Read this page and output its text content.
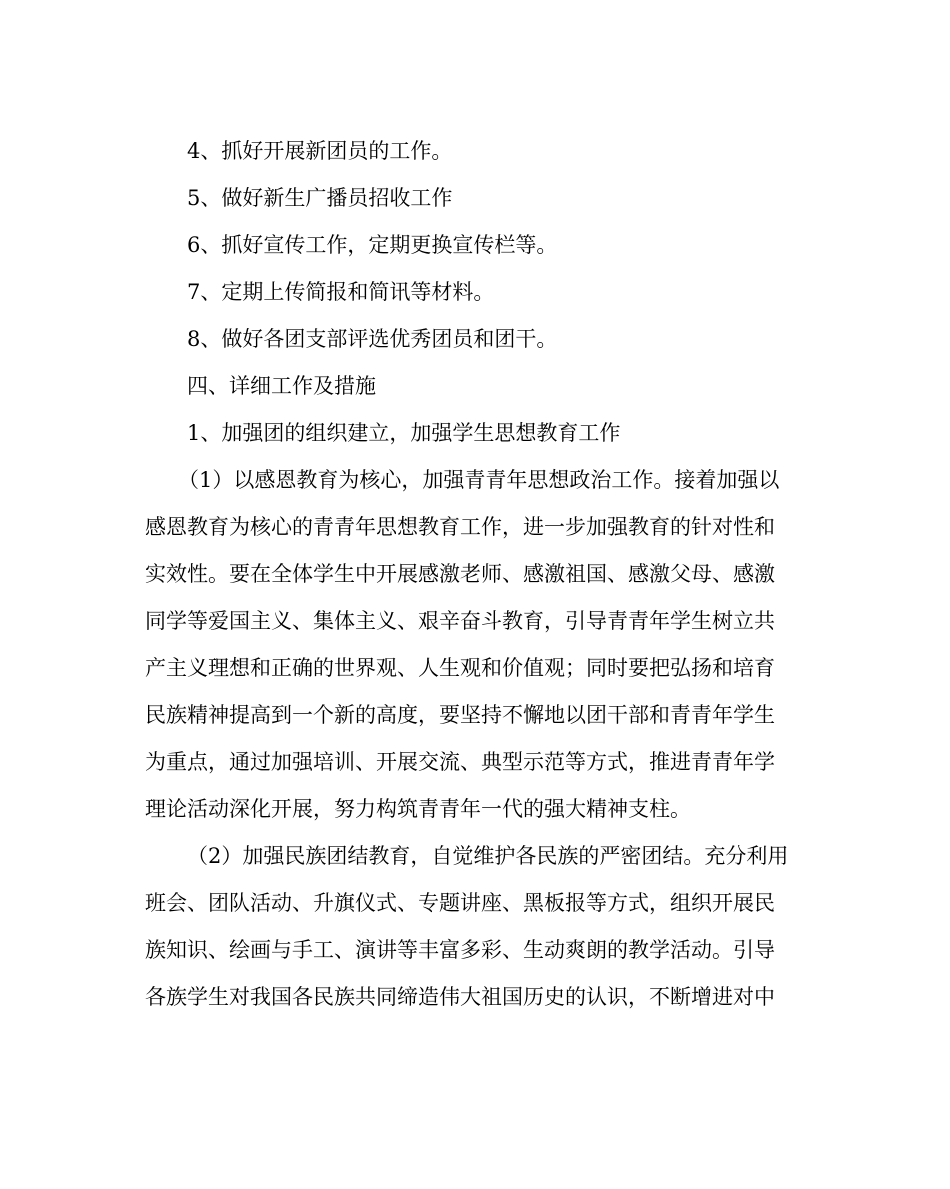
4、抓好开展新团员的工作。
5、做好新生广播员招收工作
6、抓好宣传工作，定期更换宣传栏等。
7、定期上传简报和简讯等材料。
8、做好各团支部评选优秀团员和团干。
四、详细工作及措施
1、加强团的组织建立，加强学生思想教育工作
（1）以感恩教育为核心，加强青青年思想政治工作。接着加强以
感恩教育为核心的青青年思想教育工作，进一步加强教育的针对性和
实效性。要在全体学生中开展感激老师、感激祖国、感激父母、感激
同学等爱国主义、集体主义、艰辛奋斗教育，引导青青年学生树立共
产主义理想和正确的世界观、人生观和价值观；同时要把弘扬和培育
民族精神提高到一个新的高度，要坚持不懈地以团干部和青青年学生
为重点，通过加强培训、开展交流、典型示范等方式，推进青青年学
理论活动深化开展，努力构筑青青年一代的强大精神支柱。
（2）加强民族团结教育，自觉维护各民族的严密团结。充分利用
班会、团队活动、升旗仪式、专题讲座、黑板报等方式，组织开展民
族知识、绘画与手工、演讲等丰富多彩、生动爽朗的教学活动。引导
各族学生对我国各民族共同缔造伟大祖国历史的认识，不断增进对中
